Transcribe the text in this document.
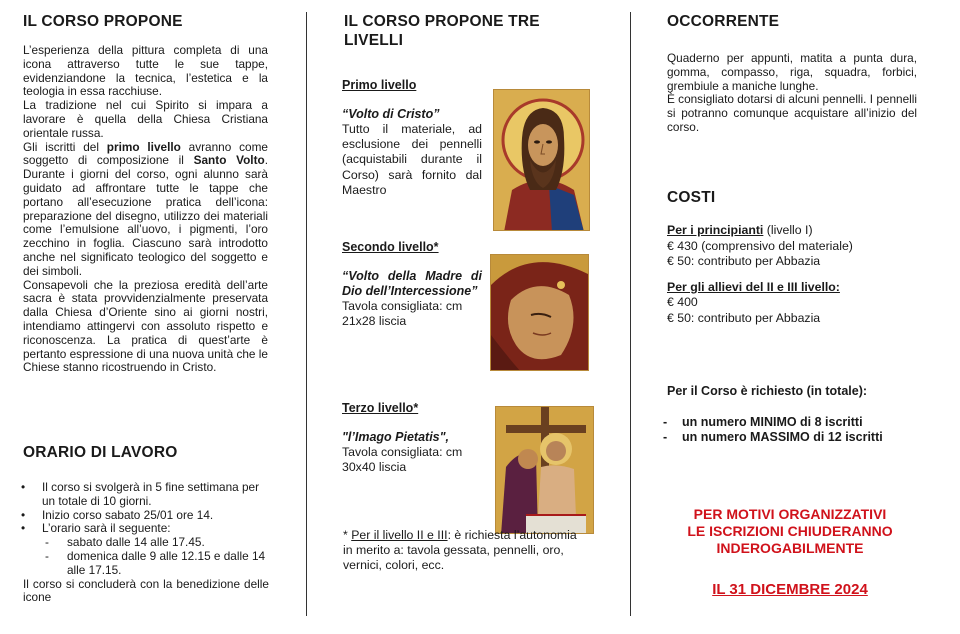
IL CORSO PROPONE

L’esperienza della pittura completa di una icona attraverso tutte le sue tappe, evidenziandone la tecnica, l’estetica e la teologia in essa racchiuse.

La tradizione nel cui Spirito si impara a lavorare è quella della Chiesa Cristiana orientale russa.

Gli iscritti del primo livello avranno come soggetto di composizione il Santo Volto. Durante i giorni del corso, ogni alunno sarà guidato ad affrontare tutte le tappe che portano all’esecuzione pratica dell’icona: preparazione del disegno, utilizzo dei materiali come l’emulsione all’uovo, i pigmenti, l’oro zecchino in foglia. Ciascuno sarà introdotto anche nel significato teologico del soggetto e dei simboli.

Consapevoli che la preziosa eredità dell’arte sacra è stata provvidenzialmente preservata dalla Chiesa d’Oriente sino ai giorni nostri, intendiamo attingervi con assoluto rispetto e riconoscenza. La pratica di quest’arte è pertanto espressione di una nuova unità che le Chiese stanno ricostruendo in Cristo.

ORARIO DI LAVORO
• Il corso si svolgerà in 5 fine settimana per un totale di 10 giorni.
• Inizio corso sabato 25/01 ore 14.
• L’orario sarà il seguente:
- sabato dalle 14 alle 17.45.
- domenica dalle 9 alle 12.15 e dalle 14 alle 17.15.

Il corso si concluderà con la benedizione delle icone

IL CORSO PROPONE TRE LIVELLI
Primo livello

“Volto di Cristo”

Tutto il materiale, ad esclusione dei pennelli (acquistabili durante il Corso) sarà fornito dal Maestro

Secondo livello*

“Volto della Madre di Dio dell’Intercessione”

Tavola consigliata: cm 21x28 liscia

Terzo livello*

"l’Imago Pietatis",

Tavola consigliata: cm 30x40 liscia

* Per il livello II e III: è richiesta l’autonomia

in merito a: tavola gessata, pennelli, oro, vernici, colori, ecc.

OCCORRENTE

Quaderno per appunti, matita a punta dura, gomma, compasso, riga, squadra, forbici, grembiule a maniche lunghe.

È consigliato dotarsi di alcuni pennelli. I pennelli si potranno comunque acquistare all’inizio del corso.

COSTI
Per i principianti (livello I)
€ 430 (comprensivo del materiale)
€ 50: contributo per Abbazia
Per gli allievi del II e III livello:
€ 400
€ 50: contributo per Abbazia
Per il Corso è richiesto (in totale):
- un numero MINIMO di 8 iscritti
- un numero MASSIMO di 12 iscritti
PER MOTIVI ORGANIZZATIVI
LE ISCRIZIONI CHIUDERANNO
INDEROGABILMENTE
IL 31 DICEMBRE 2024
